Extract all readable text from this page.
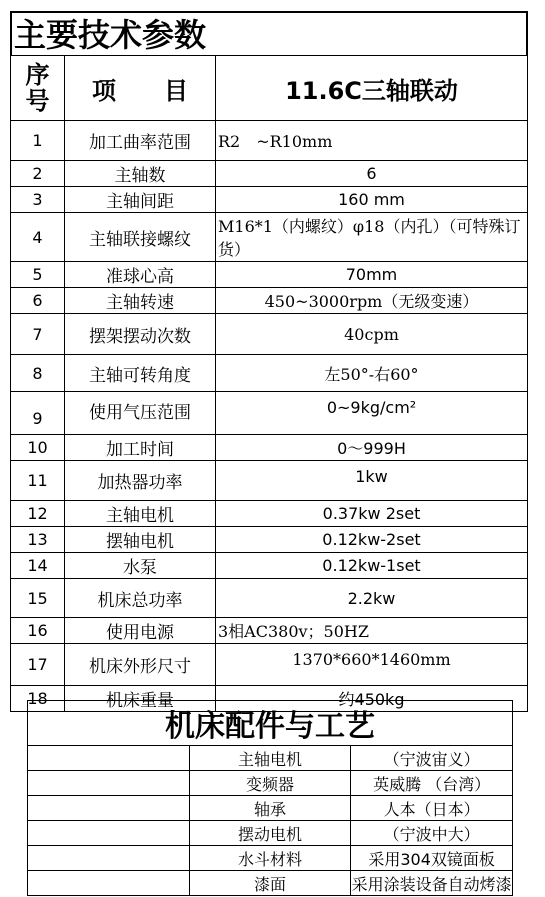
主要技术参数
序
号	项　　目	11.6C三轴联动
1	加工曲率范围	R2　~R10mm
2	主轴数	6
3	主轴间距	160 mm
4	主轴联接螺纹	M16*1（内螺纹）φ18（内孔）（可特殊订货）
5	准球心高	70mm
6	主轴转速	450~3000rpm（无级变速）
7	摆架摆动次数	40cpm
8	主轴可转角度	左50°-右60°
9	使用气压范围	0~9kg/cm²
10	加工时间	0～999H
11	加热器功率	1kw
12	主轴电机	0.37kw 2set
13	摆轴电机	0.12kw-2set
14	水泵	0.12kw-1set
15	机床总功率	2.2kw
16	使用电源	3相AC380v；50HZ
17	机床外形尺寸	1370*660*1460mm
18	机床重量	约450kg
机床配件与工艺		
	主轴电机	（宁波宙义）
	变频器	英威腾 （台湾）
	轴承	人本（日本）
	摆动电机	（宁波中大）
	水斗材料	采用304双镜面板
	漆面	采用涂装设备自动烤漆
